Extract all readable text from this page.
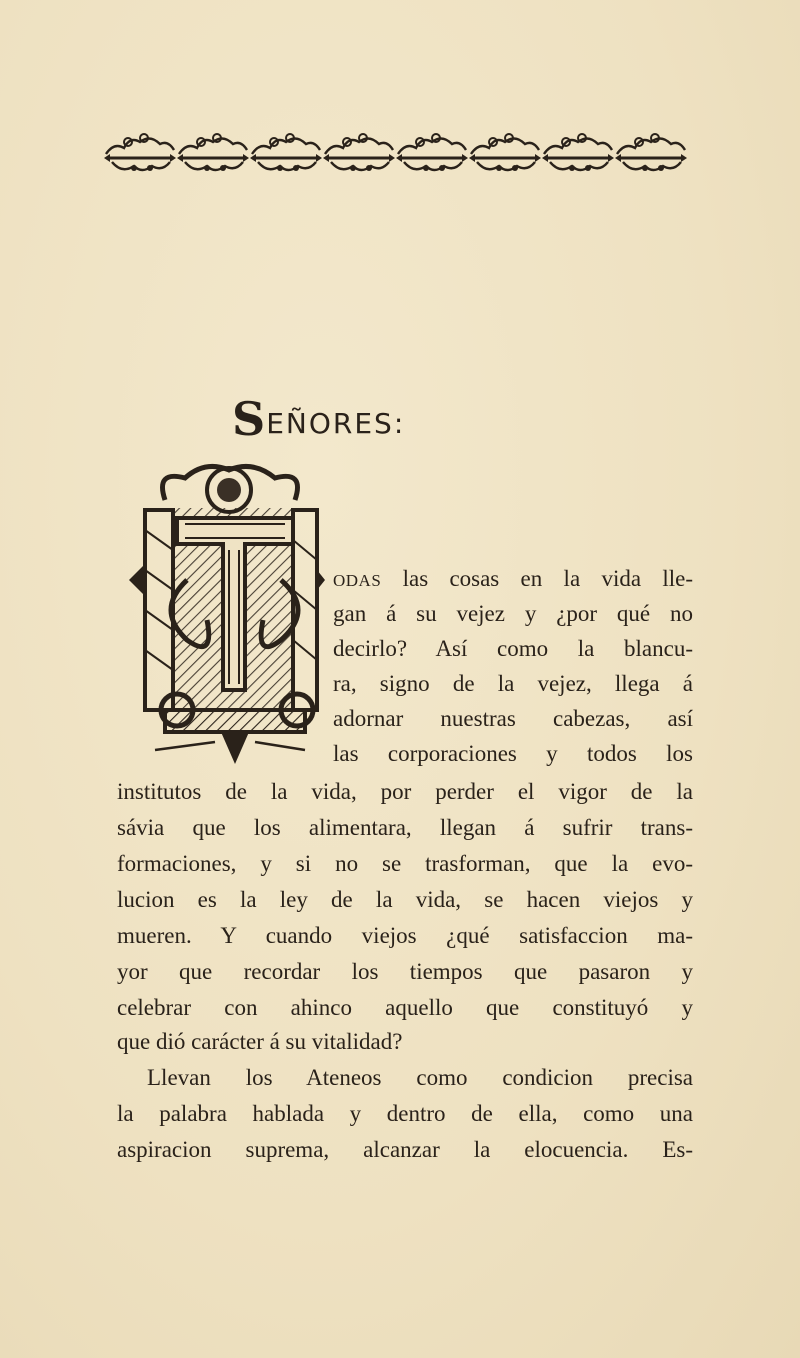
S EÑORES:
ODAS las cosas en la vida lle-
gan á su vejez y ¿por qué no
decirlo? Así como la blancu-
ra, signo de la vejez, llega á
adornar nuestras cabezas, así
las corporaciones y todos los
institutos de la vida, por perder el vigor de la
sávia que los alimentara, llegan á sufrir trans-
formaciones, y si no se trasforman, que la evo-
lucion es la ley de la vida, se hacen viejos y
mueren. Y cuando viejos ¿qué satisfaccion ma-
yor que recordar los tiempos que pasaron y
celebrar con ahinco aquello que constituyó y
que dió carácter á su vitalidad?
Llevan los Ateneos como condicion precisa
la palabra hablada y dentro de ella, como una
aspiracion suprema, alcanzar la elocuencia. Es-
